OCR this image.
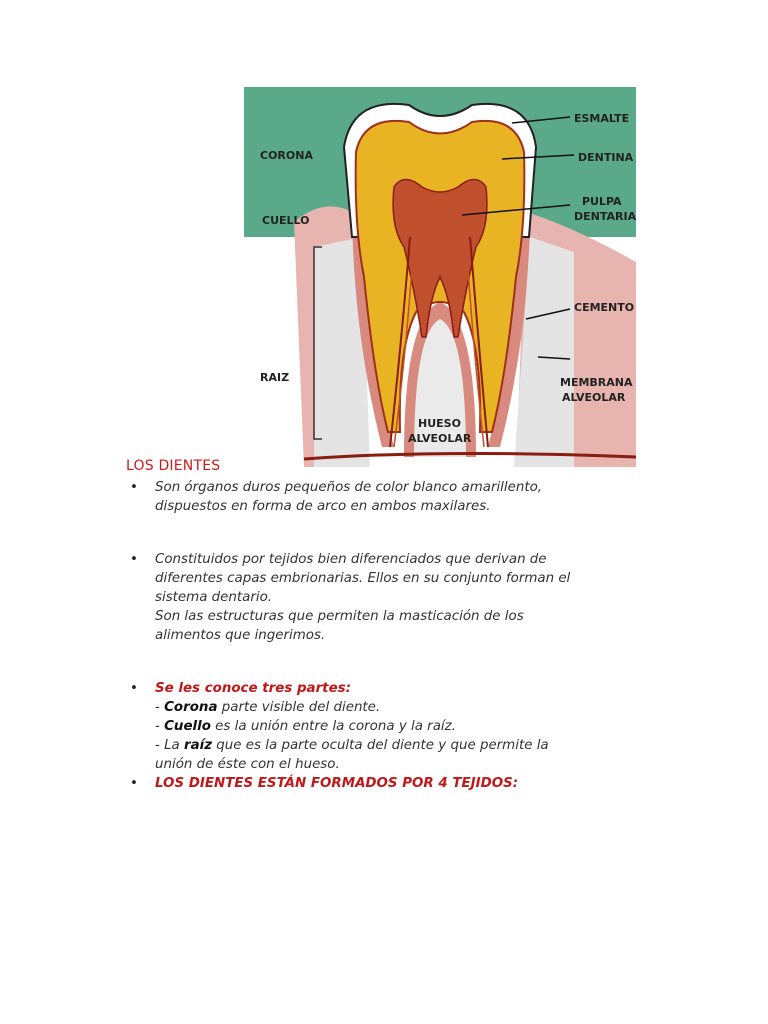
CORONA
CUELLO
RAIZ
ESMALTE
DENTINA
PULPA
DENTARIA
CEMENTO
MEMBRANA
ALVEOLAR
HUESO
ALVEOLAR
LOS DIENTES
• Son órganos duros pequeños de color blanco amarillento,
dispuestos en forma de arco en ambos maxilares.
• Constituidos por tejidos bien diferenciados que derivan de
diferentes capas embrionarias. Ellos en su conjunto forman el
sistema dentario.
Son las estructuras que permiten la masticación de los
alimentos que ingerimos.
• Se les conoce tres partes:
- Corona parte visible del diente.
- Cuello es la unión entre la corona y la raíz.
- La raíz que es la parte oculta del diente y que permite la
unión de éste con el hueso.
• LOS DIENTES ESTÁN FORMADOS POR 4 TEJIDOS:
